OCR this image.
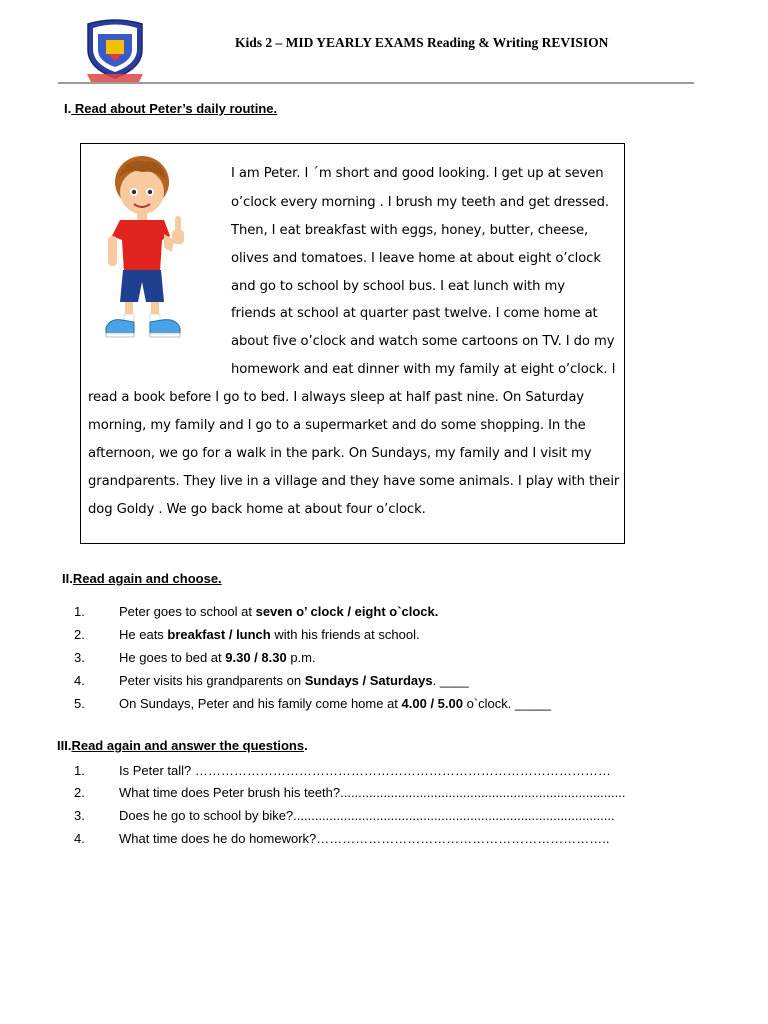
Kids 2 – MID YEARLY EXAMS Reading & Writing REVISION
I. Read about Peter’s daily routine.
I am Peter. I ´m short and good looking. I get up at seven
o’clock every morning . I brush my teeth and get dressed.
Then, I eat breakfast with eggs, honey, butter, cheese,
olives and tomatoes. I leave home at about eight o’clock
and go to school by school bus. I eat lunch with my
friends at school at quarter past twelve. I come home at
about five o’clock and watch some cartoons on TV. I do my
homework and eat dinner with my family at eight o’clock. I
read a book before I go to bed. I always sleep at half past nine. On Saturday
morning, my family and I go to a supermarket and do some shopping. In the
afternoon, we go for a walk in the park. On Sundays, my family and I visit my
grandparents. They live in a village and they have some animals. I play with their
dog Goldy . We go back home at about four o’clock.
II.Read again and choose.
1.	Peter goes to school at seven o’ clock / eight o`clock.
2.	He eats breakfast / lunch with his friends at school.
3.	He goes to bed at 9.30 / 8.30 p.m.
4.	Peter visits his grandparents on Sundays / Saturdays. ____
5.	On Sundays, Peter and his family come home at 4.00 / 5.00 o`clock. _____
III.Read again and answer the questions.
1.	Is Peter tall? ……………………………………………………………………………………
2.	What time does Peter brush his teeth?...............................................................................
3.	Does he go to school by bike?.........................................................................................
4.	What time does he do homework?…………………………………………………………..
